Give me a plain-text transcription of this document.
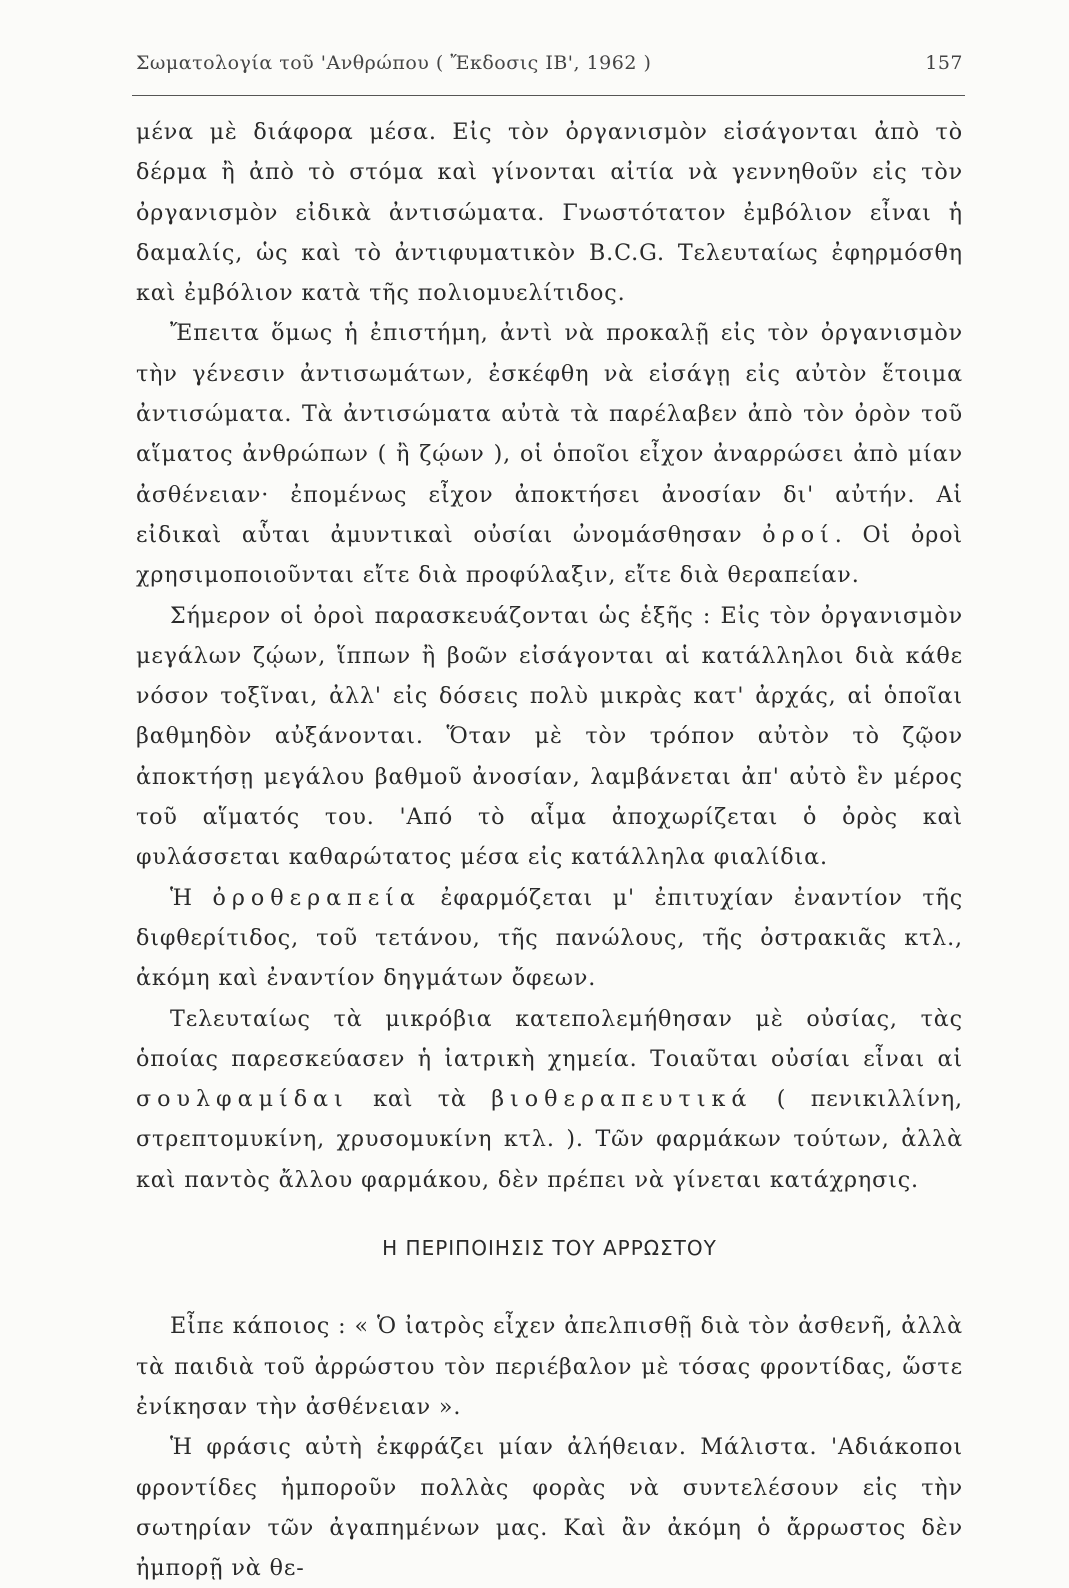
Σωματολογία τοῦ 'Ανθρώπου ( Ἔκδοσις ΙΒ', 1962 )	157

μένα μὲ διάφορα μέσα. Εἰς τὸν ὀργανισμὸν εἰσάγονται ἀπὸ τὸ δέρμα ἢ ἀπὸ τὸ στόμα καὶ γίνονται αἰτία νὰ γεννηθοῦν εἰς τὸν ὀργανισμὸν εἰδικὰ ἀντισώματα. Γνωστότατον ἐμβόλιον εἶναι ἡ δαμαλίς, ὡς καὶ τὸ ἀντιφυματικὸν B.C.G. Τελευταίως ἐφηρμόσθη καὶ ἐμβόλιον κατὰ τῆς πολιομυελίτιδος.

Ἔπειτα ὅμως ἡ ἐπιστήμη, ἀντὶ νὰ προκαλῇ εἰς τὸν ὀργανισμὸν τὴν γένεσιν ἀντισωμάτων, ἐσκέφθη νὰ εἰσάγῃ εἰς αὐτὸν ἕτοιμα ἀντισώματα. Τὰ ἀντισώματα αὐτὰ τὰ παρέλαβεν ἀπὸ τὸν ὀρὸν τοῦ αἵματος ἀνθρώπων ( ἢ ζῴων ), οἱ ὁποῖοι εἶχον ἀναρρώσει ἀπὸ μίαν ἀσθένειαν· ἐπομένως εἶχον ἀποκτήσει ἀνοσίαν δι' αὐτήν. Αἱ εἰδικαὶ αὗται ἀμυντικαὶ οὐσίαι ὠνομάσθησαν ὀροί. Οἱ ὀροὶ χρησιμοποιοῦνται εἴτε διὰ προφύλαξιν, εἴτε διὰ θεραπείαν.

Σήμερον οἱ ὀροὶ παρασκευάζονται ὡς ἑξῆς : Εἰς τὸν ὀργανισμὸν μεγάλων ζῴων, ἵππων ἢ βοῶν εἰσάγονται αἱ κατάλληλοι διὰ κάθε νόσον τοξῖναι, ἀλλ' εἰς δόσεις πολὺ μικρὰς κατ' ἀρχάς, αἱ ὁποῖαι βαθμηδὸν αὐξάνονται. Ὅταν μὲ τὸν τρόπον αὐτὸν τὸ ζῷον ἀποκτήσῃ μεγάλου βαθμοῦ ἀνοσίαν, λαμβάνεται ἀπ' αὐτὸ ἓν μέρος τοῦ αἵματός του. 'Από τὸ αἷμα ἀποχωρίζεται ὁ ὀρὸς καὶ φυλάσσεται καθαρώτατος μέσα εἰς κατάλληλα φιαλίδια.

Ἡ ὀροθεραπεία ἐφαρμόζεται μ' ἐπιτυχίαν ἐναντίον τῆς διφθερίτιδος, τοῦ τετάνου, τῆς πανώλους, τῆς ὀστρακιᾶς κτλ., ἀκόμη καὶ ἐναντίον δηγμάτων ὄφεων.

Τελευταίως τὰ μικρόβια κατεπολεμήθησαν μὲ οὐσίας, τὰς ὁποίας παρεσκεύασεν ἡ ἰατρικὴ χημεία. Τοιαῦται οὐσίαι εἶναι αἱ σουλφαμίδαι καὶ τὰ βιοθεραπευτικά ( πενικιλλίνη, στρεπτομυκίνη, χρυσομυκίνη κτλ. ). Τῶν φαρμάκων τούτων, ἀλλὰ καὶ παντὸς ἄλλου φαρμάκου, δὲν πρέπει νὰ γίνεται κατάχρησις.

Η ΠΕΡΙΠΟΙΗΣΙΣ ΤΟΥ ΑΡΡΩΣΤΟΥ

Εἶπε κάποιος : « Ὁ ἰατρὸς εἶχεν ἀπελπισθῇ διὰ τὸν ἀσθενῆ, ἀλλὰ τὰ παιδιὰ τοῦ ἀρρώστου τὸν περιέβαλον μὲ τόσας φροντίδας, ὥστε ἐνίκησαν τὴν ἀσθένειαν ».

Ἡ φράσις αὐτὴ ἐκφράζει μίαν ἀλήθειαν. Μάλιστα. 'Αδιάκοποι φροντίδες ἠμποροῦν πολλὰς φορὰς νὰ συντελέσουν εἰς τὴν σωτηρίαν τῶν ἀγαπημένων μας. Καὶ ἂν ἀκόμη ὁ ἄρρωστος δὲν ἠμπορῇ νὰ θε-
